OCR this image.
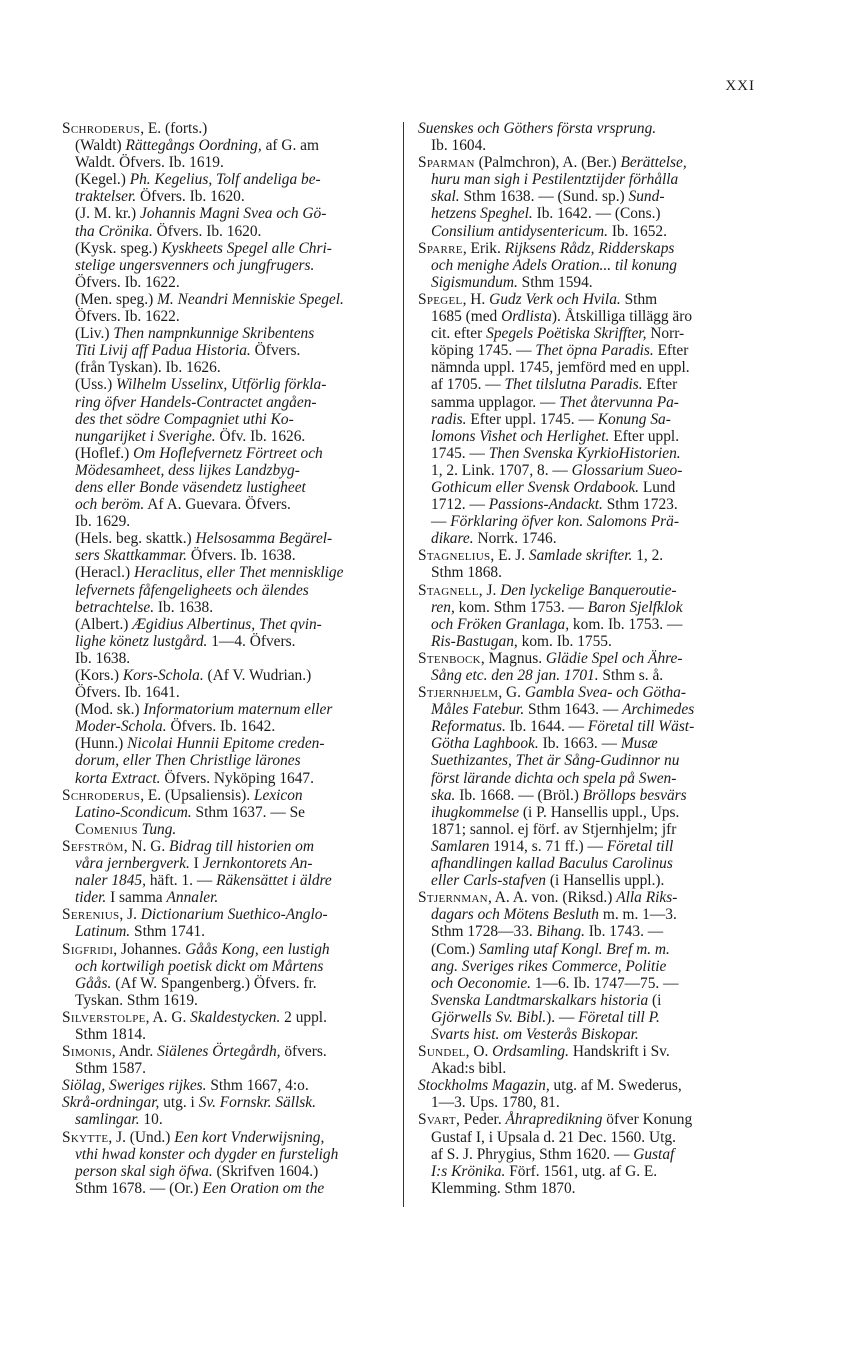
XXI
Schroderus, E. (forts.)
(Waldt) Rättegångs Oordning, af G. am
Waldt. Öfvers. Ib. 1619.
(Kegel.) Ph. Kegelius, Tolf andeliga be-
traktelser. Öfvers. Ib. 1620.
(J. M. kr.) Johannis Magni Svea och Gö-
tha Crönika. Öfvers. Ib. 1620.
(Kysk. speg.) Kyskheets Spegel alle Chri-
stelige ungersvenners och jungfrugers.
Öfvers. Ib. 1622.
(Men. speg.) M. Neandri Menniskie Spegel.
Öfvers. Ib. 1622.
(Liv.) Then nampnkunnige Skribentens
Titi Livij aff Padua Historia. Öfvers.
(från Tyskan). Ib. 1626.
(Uss.) Wilhelm Usselinx, Utförlig förkla-
ring öfver Handels-Contractet angåen-
des thet södre Compagniet uthi Ko-
nungarijket i Sverighe. Öfv. Ib. 1626.
(Hoflef.) Om Hoflefvernetz Förtreet och
Mödesamheet, dess lijkes Landzbyg-
dens eller Bonde väsendetz lustigheet
och beröm. Af A. Guevara. Öfvers.
Ib. 1629.
(Hels. beg. skattk.) Helsosamma Begärel-
sers Skattkammar. Öfvers. Ib. 1638.
(Heracl.) Heraclitus, eller Thet mennisklige
lefvernets fåfengeligheets och älendes
betrachtelse. Ib. 1638.
(Albert.) Ægidius Albertinus, Thet qvin-
lighe könetz lustgård. 1—4. Öfvers.
Ib. 1638.
(Kors.) Kors-Schola. (Af V. Wudrian.)
Öfvers. Ib. 1641.
(Mod. sk.) Informatorium maternum eller
Moder-Schola. Öfvers. Ib. 1642.
(Hunn.) Nicolai Hunnii Epitome creden-
dorum, eller Then Christlige lärones
korta Extract. Öfvers. Nyköping 1647.
Schroderus, E. (Upsaliensis). Lexicon
Latino-Scondicum. Sthm 1637. — Se
Comenius Tung.
Sefström, N. G. Bidrag till historien om
våra jernbergverk. I Jernkontorets An-
naler 1845, häft. 1. — Räkensättet i äldre
tider. I samma Annaler.
Serenius, J. Dictionarium Suethico-Anglo-
Latinum. Sthm 1741.
Sigfridi, Johannes. Gåås Kong, een lustigh
och kortwiligh poetisk dickt om Mårtens
Gåås. (Af W. Spangenberg.) Öfvers. fr.
Tyskan. Sthm 1619.
Silverstolpe, A. G. Skaldestycken. 2 uppl.
Sthm 1814.
Simonis, Andr. Siälenes Örtegårdh, öfvers.
Sthm 1587.
Siölag, Sweriges rijkes. Sthm 1667, 4:o.
Skrå-ordningar, utg. i Sv. Fornskr. Sällsk.
samlingar. 10.
Skytte, J. (Und.) Een kort Vnderwijsning,
vthi hwad konster och dygder en fursteligh
person skal sigh öfwa. (Skrifven 1604.)
Sthm 1678. — (Or.) Een Oration om the
Suenskes och Göthers första vrsprung.
Ib. 1604.
Sparman (Palmchron), A. (Ber.) Berättelse,
huru man sigh i Pestilentztijder förhålla
skal. Sthm 1638. — (Sund. sp.) Sund-
hetzens Speghel. Ib. 1642. — (Cons.)
Consilium antidysentericum. Ib. 1652.
Sparre, Erik. Rijksens Rådz, Ridderskaps
och menighe Adels Oration... til konung
Sigismundum. Sthm 1594.
Spegel, H. Gudz Verk och Hvila. Sthm
1685 (med Ordlista). Åtskilliga tillägg äro
cit. efter Spegels Poëtiska Skriffter, Norr-
köping 1745. — Thet öpna Paradis. Efter
nämnda uppl. 1745, jemförd med en uppl.
af 1705. — Thet tilslutna Paradis. Efter
samma upplagor. — Thet återvunna Pa-
radis. Efter uppl. 1745. — Konung Sa-
lomons Vishet och Herlighet. Efter uppl.
1745. — Then Svenska KyrkioHistorien.
1, 2. Link. 1707, 8. — Glossarium Sueo-
Gothicum eller Svensk Ordabook. Lund
1712. — Passions-Andackt. Sthm 1723.
— Förklaring öfver kon. Salomons Prä-
dikare. Norrk. 1746.
Stagnelius, E. J. Samlade skrifter. 1, 2.
Sthm 1868.
Stagnell, J. Den lyckelige Banqueroutie-
ren, kom. Sthm 1753. — Baron Sjelfklok
och Fröken Granlaga, kom. Ib. 1753. —
Ris-Bastugan, kom. Ib. 1755.
Stenbock, Magnus. Glädie Spel och Ähre-
Sång etc. den 28 jan. 1701. Sthm s. å.
Stjernhjelm, G. Gambla Svea- och Götha-
Måles Fatebur. Sthm 1643. — Archimedes
Reformatus. Ib. 1644. — Företal till Wäst-
Götha Laghbook. Ib. 1663. — Musæ
Suethizantes, Thet är Sång-Gudinnor nu
först lärande dichta och spela på Swen-
ska. Ib. 1668. — (Bröl.) Bröllops besvärs
ihugkommelse (i P. Hansellis uppl., Ups.
1871; sannol. ej förf. av Stjernhjelm; jfr
Samlaren 1914, s. 71 ff.) — Företal till
afhandlingen kallad Baculus Carolinus
eller Carls-stafven (i Hansellis uppl.).
Stjernman, A. A. von. (Riksd.) Alla Riks-
dagars och Mötens Besluth m. m. 1—3.
Sthm 1728—33. Bihang. Ib. 1743. —
(Com.) Samling utaf Kongl. Bref m. m.
ang. Sveriges rikes Commerce, Politie
och Oeconomie. 1—6. Ib. 1747—75. —
Svenska Landtmarskalkars historia (i
Gjörwells Sv. Bibl.). — Företal till P.
Svarts hist. om Vesterås Biskopar.
Sundel, O. Ordsamling. Handskrift i Sv.
Akad:s bibl.
Stockholms Magazin, utg. af M. Swederus,
1—3. Ups. 1780, 81.
Svart, Peder. Åhrapredikning öfver Konung
Gustaf I, i Upsala d. 21 Dec. 1560. Utg.
af S. J. Phrygius, Sthm 1620. — Gustaf
I:s Krönika. Förf. 1561, utg. af G. E.
Klemming. Sthm 1870.
